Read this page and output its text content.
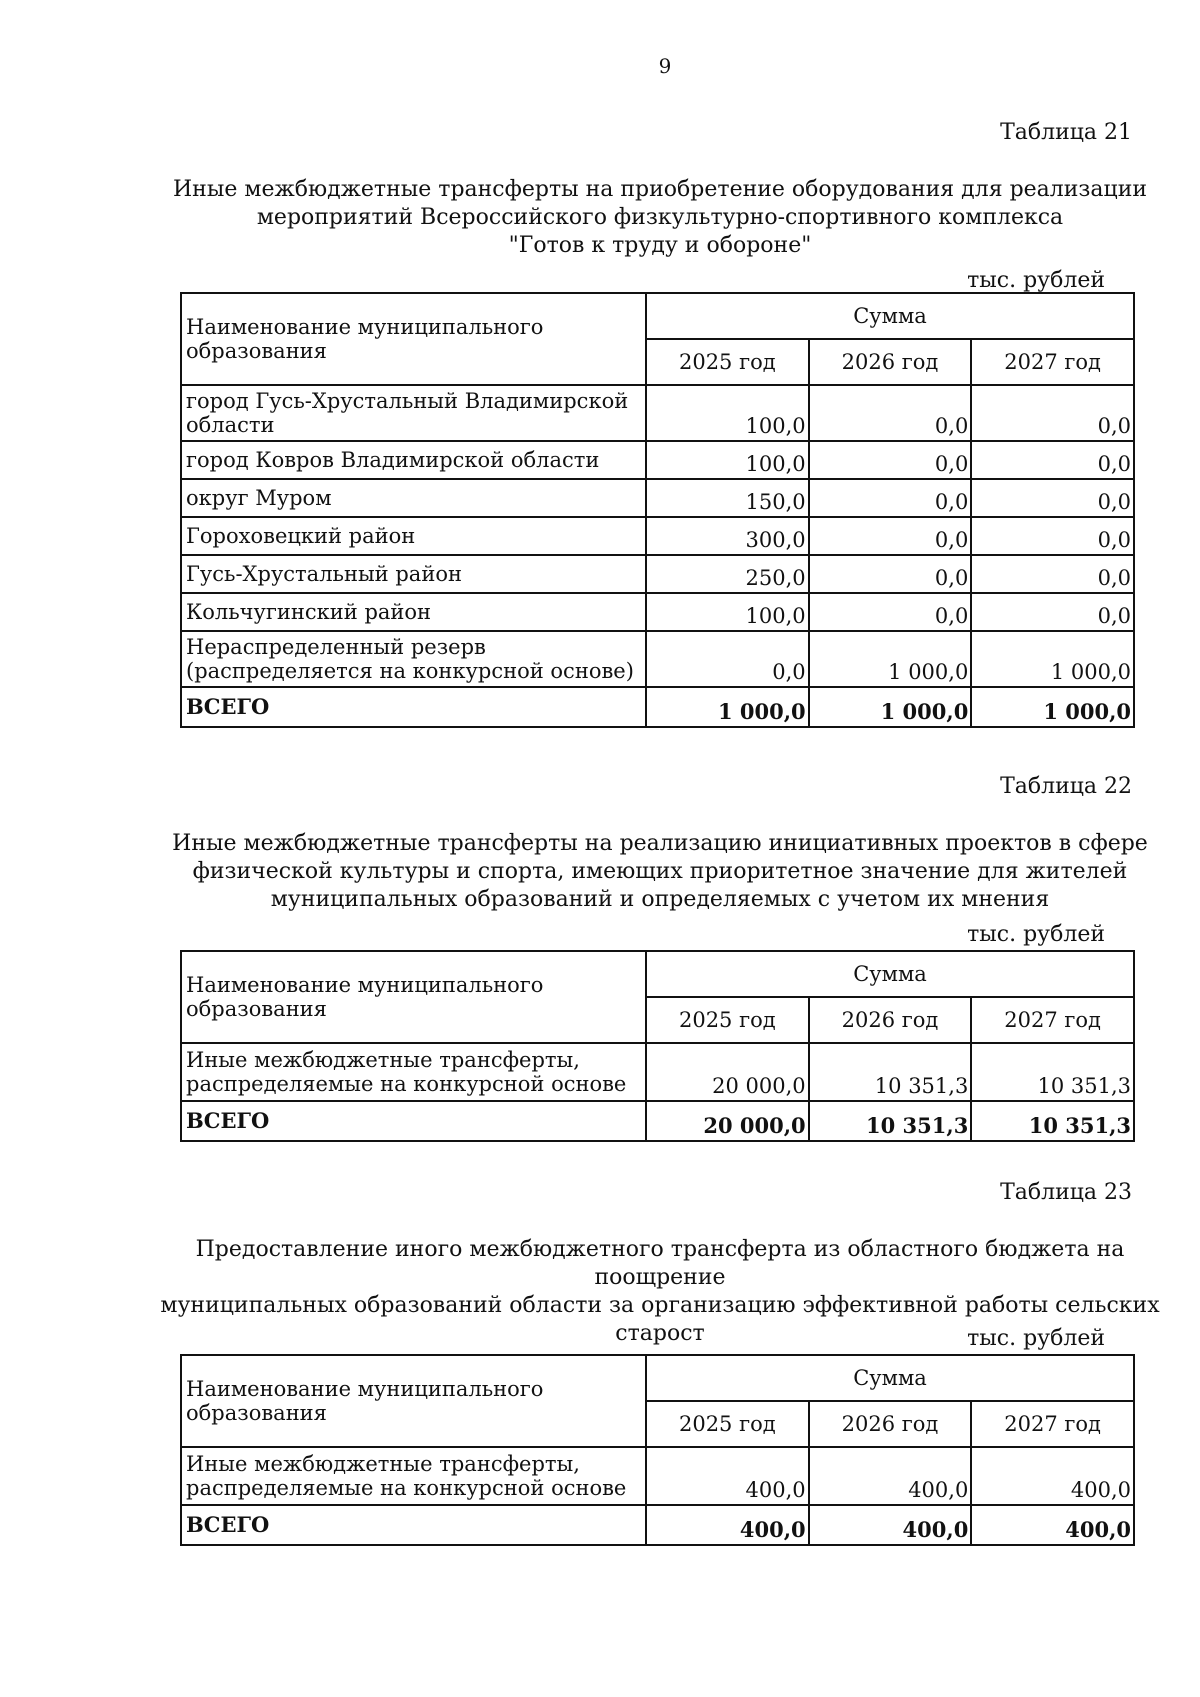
9
Таблица 21
Иные межбюджетные трансферты на приобретение оборудования для реализации
мероприятий Всероссийского физкультурно-спортивного комплекса
"Готов к труду и обороне"
тыс. рублей
Наименование муниципального образования	Сумма		
	2025 год	2026 год	2027 год
город Гусь-Хрустальный Владимирской области	100,0	0,0	0,0
город Ковров Владимирской области	100,0	0,0	0,0
округ Муром	150,0	0,0	0,0
Гороховецкий район	300,0	0,0	0,0
Гусь-Хрустальный район	250,0	0,0	0,0
Кольчугинский район	100,0	0,0	0,0
Нераспределенный резерв (распределяется на конкурсной основе)	0,0	1 000,0	1 000,0
ВСЕГО	1 000,0	1 000,0	1 000,0
Таблица 22
Иные межбюджетные трансферты на реализацию инициативных проектов в сфере
физической культуры и спорта, имеющих приоритетное значение для жителей
муниципальных образований и определяемых с учетом их мнения
тыс. рублей
Наименование муниципального образования	Сумма		
	2025 год	2026 год	2027 год
Иные межбюджетные трансферты, распределяемые на конкурсной основе	20 000,0	10 351,3	10 351,3
ВСЕГО	20 000,0	10 351,3	10 351,3
Таблица 23
Предоставление иного межбюджетного трансферта из областного бюджета на поощрение
муниципальных образований области за организацию эффективной работы сельских старост	тыс. рублей
Наименование муниципального образования	Сумма		
	2025 год	2026 год	2027 год
Иные межбюджетные трансферты, распределяемые на конкурсной основе	400,0	400,0	400,0
ВСЕГО	400,0	400,0	400,0
